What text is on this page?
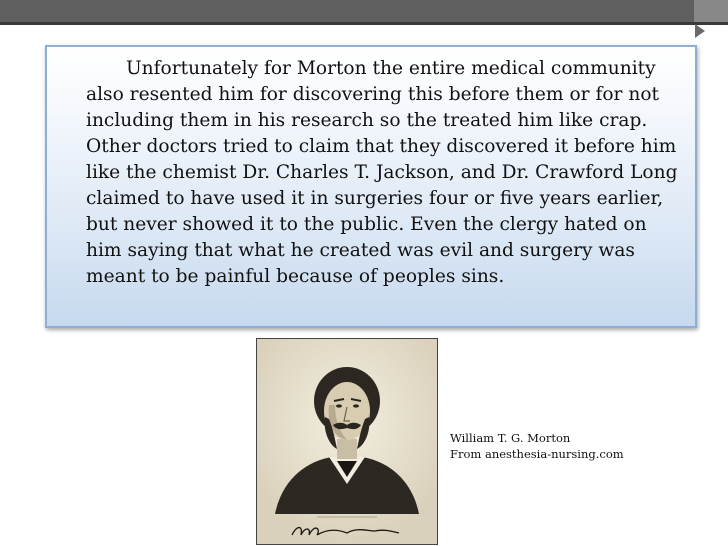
Unfortunately for Morton the entire medical community also resented him for discovering this before them or for not including them in his research so the treated him like crap. Other doctors tried to claim that they discovered it before him like the chemist Dr. Charles T. Jackson, and Dr. Crawford Long claimed to have used it in surgeries four or five years earlier, but never showed it to the public. Even the clergy hated on him saying that what he created was evil and surgery was meant to be painful because of peoples sins.

William T. G. Morton
From anesthesia-nursing.com
